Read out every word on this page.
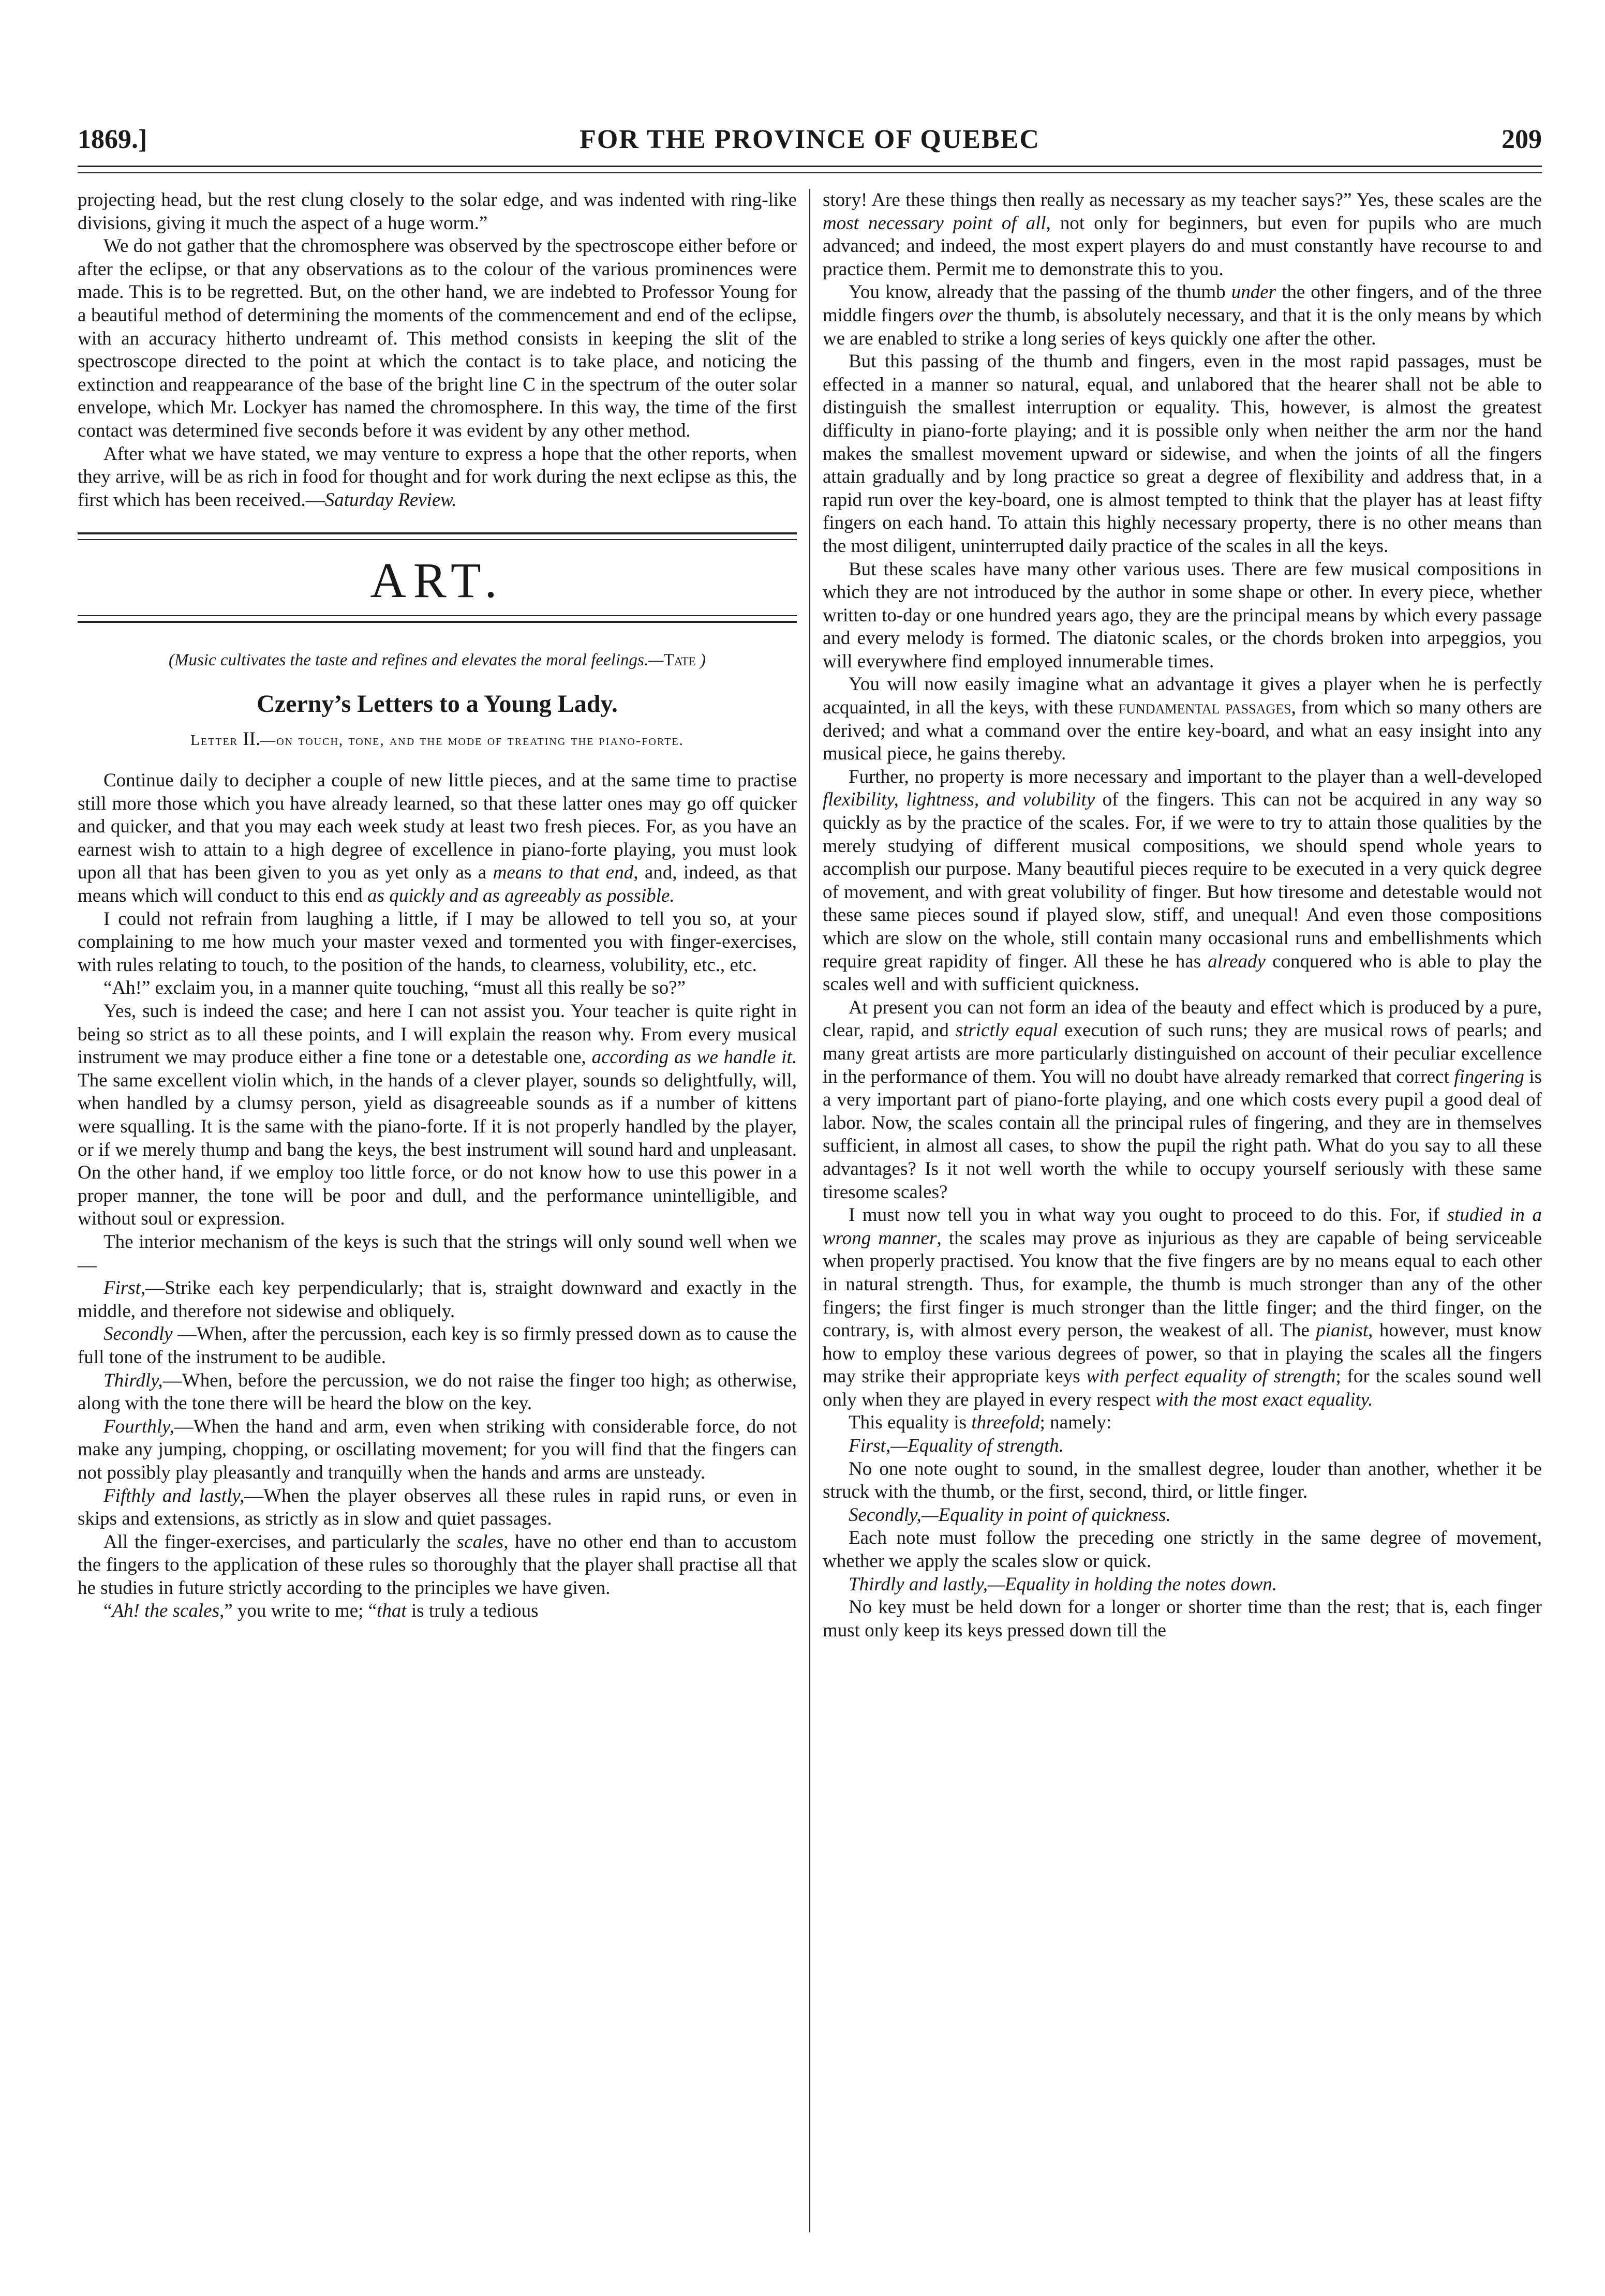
1869.]	FOR THE PROVINCE OF QUEBEC	209

projecting head, but the rest clung closely to the solar edge, and was indented with ring-like divisions, giving it much the aspect of a huge worm.”

We do not gather that the chromosphere was observed by the spectroscope either before or after the eclipse, or that any observations as to the colour of the various prominences were made. This is to be regretted. But, on the other hand, we are indebted to Professor Young for a beautiful method of determining the moments of the commencement and end of the eclipse, with an accuracy hitherto undreamt of. This method consists in keeping the slit of the spectroscope directed to the point at which the contact is to take place, and noticing the extinction and reappearance of the base of the bright line C in the spectrum of the outer solar envelope, which Mr. Lockyer has named the chromosphere. In this way, the time of the first contact was determined five seconds before it was evident by any other method.

After what we have stated, we may venture to express a hope that the other reports, when they arrive, will be as rich in food for thought and for work during the next eclipse as this, the first which has been received.—Saturday Review.

ART.
(Music cultivates the taste and refines and elevates the moral feelings.—Tate )
Czerny’s Letters to a Young Lady.
Letter II.—on touch, tone, and the mode of treating the piano-forte.

Continue daily to decipher a couple of new little pieces, and at the same time to practise still more those which you have already learned, so that these latter ones may go off quicker and quicker, and that you may each week study at least two fresh pieces. For, as you have an earnest wish to attain to a high degree of excellence in piano-forte playing, you must look upon all that has been given to you as yet only as a means to that end, and, indeed, as that means which will conduct to this end as quickly and as agreeably as possible.

I could not refrain from laughing a little, if I may be allowed to tell you so, at your complaining to me how much your master vexed and tormented you with finger-exercises, with rules relating to touch, to the position of the hands, to clearness, volubility, etc., etc.

“Ah!” exclaim you, in a manner quite touching, “must all this really be so?”

Yes, such is indeed the case; and here I can not assist you. Your teacher is quite right in being so strict as to all these points, and I will explain the reason why. From every musical instrument we may produce either a fine tone or a detestable one, according as we handle it. The same excellent violin which, in the hands of a clever player, sounds so delightfully, will, when handled by a clumsy person, yield as disagreeable sounds as if a number of kittens were squalling. It is the same with the piano-forte. If it is not properly handled by the player, or if we merely thump and bang the keys, the best instrument will sound hard and unpleasant. On the other hand, if we employ too little force, or do not know how to use this power in a proper manner, the tone will be poor and dull, and the performance unintelligible, and without soul or expression.

The interior mechanism of the keys is such that the strings will only sound well when we—

First,—Strike each key perpendicularly; that is, straight downward and exactly in the middle, and therefore not sidewise and obliquely.

Secondly —When, after the percussion, each key is so firmly pressed down as to cause the full tone of the instrument to be audible.

Thirdly,—When, before the percussion, we do not raise the finger too high; as otherwise, along with the tone there will be heard the blow on the key.

Fourthly,—When the hand and arm, even when striking with considerable force, do not make any jumping, chopping, or oscillating movement; for you will find that the fingers can not possibly play pleasantly and tranquilly when the hands and arms are unsteady.

Fifthly and lastly,—When the player observes all these rules in rapid runs, or even in skips and extensions, as strictly as in slow and quiet passages.

All the finger-exercises, and particularly the scales, have no other end than to accustom the fingers to the application of these rules so thoroughly that the player shall practise all that he studies in future strictly according to the principles we have given.

“Ah! the scales,” you write to me; “that is truly a tedious

story! Are these things then really as necessary as my teacher says?” Yes, these scales are the most necessary point of all, not only for beginners, but even for pupils who are much advanced; and indeed, the most expert players do and must constantly have recourse to and practice them. Permit me to demonstrate this to you.

You know, already that the passing of the thumb under the other fingers, and of the three middle fingers over the thumb, is absolutely necessary, and that it is the only means by which we are enabled to strike a long series of keys quickly one after the other.

But this passing of the thumb and fingers, even in the most rapid passages, must be effected in a manner so natural, equal, and unlabored that the hearer shall not be able to distinguish the smallest interruption or equality. This, however, is almost the greatest difficulty in piano-forte playing; and it is possible only when neither the arm nor the hand makes the smallest movement upward or sidewise, and when the joints of all the fingers attain gradually and by long practice so great a degree of flexibility and address that, in a rapid run over the key-board, one is almost tempted to think that the player has at least fifty fingers on each hand. To attain this highly necessary property, there is no other means than the most diligent, uninterrupted daily practice of the scales in all the keys.

But these scales have many other various uses. There are few musical compositions in which they are not introduced by the author in some shape or other. In every piece, whether written to-day or one hundred years ago, they are the principal means by which every passage and every melody is formed. The diatonic scales, or the chords broken into arpeggios, you will everywhere find employed innumerable times.

You will now easily imagine what an advantage it gives a player when he is perfectly acquainted, in all the keys, with these fundamental passages, from which so many others are derived; and what a command over the entire key-board, and what an easy insight into any musical piece, he gains thereby.

Further, no property is more necessary and important to the player than a well-developed flexibility, lightness, and volubility of the fingers. This can not be acquired in any way so quickly as by the practice of the scales. For, if we were to try to attain those qualities by the merely studying of different musical compositions, we should spend whole years to accomplish our purpose. Many beautiful pieces require to be executed in a very quick degree of movement, and with great volubility of finger. But how tiresome and detestable would not these same pieces sound if played slow, stiff, and unequal! And even those compositions which are slow on the whole, still contain many occasional runs and embellishments which require great rapidity of finger. All these he has already conquered who is able to play the scales well and with sufficient quickness.

At present you can not form an idea of the beauty and effect which is produced by a pure, clear, rapid, and strictly equal execution of such runs; they are musical rows of pearls; and many great artists are more particularly distinguished on account of their peculiar excellence in the performance of them. You will no doubt have already remarked that correct fingering is a very important part of piano-forte playing, and one which costs every pupil a good deal of labor. Now, the scales contain all the principal rules of fingering, and they are in themselves sufficient, in almost all cases, to show the pupil the right path. What do you say to all these advantages? Is it not well worth the while to occupy yourself seriously with these same tiresome scales?

I must now tell you in what way you ought to proceed to do this. For, if studied in a wrong manner, the scales may prove as injurious as they are capable of being serviceable when properly practised. You know that the five fingers are by no means equal to each other in natural strength. Thus, for example, the thumb is much stronger than any of the other fingers; the first finger is much stronger than the little finger; and the third finger, on the contrary, is, with almost every person, the weakest of all. The pianist, however, must know how to employ these various degrees of power, so that in playing the scales all the fingers may strike their appropriate keys with perfect equality of strength; for the scales sound well only when they are played in every respect with the most exact equality.

This equality is threefold; namely:

First,—Equality of strength.

No one note ought to sound, in the smallest degree, louder than another, whether it be struck with the thumb, or the first, second, third, or little finger.

Secondly,—Equality in point of quickness.

Each note must follow the preceding one strictly in the same degree of movement, whether we apply the scales slow or quick.

Thirdly and lastly,—Equality in holding the notes down.

No key must be held down for a longer or shorter time than the rest; that is, each finger must only keep its keys pressed down till the
